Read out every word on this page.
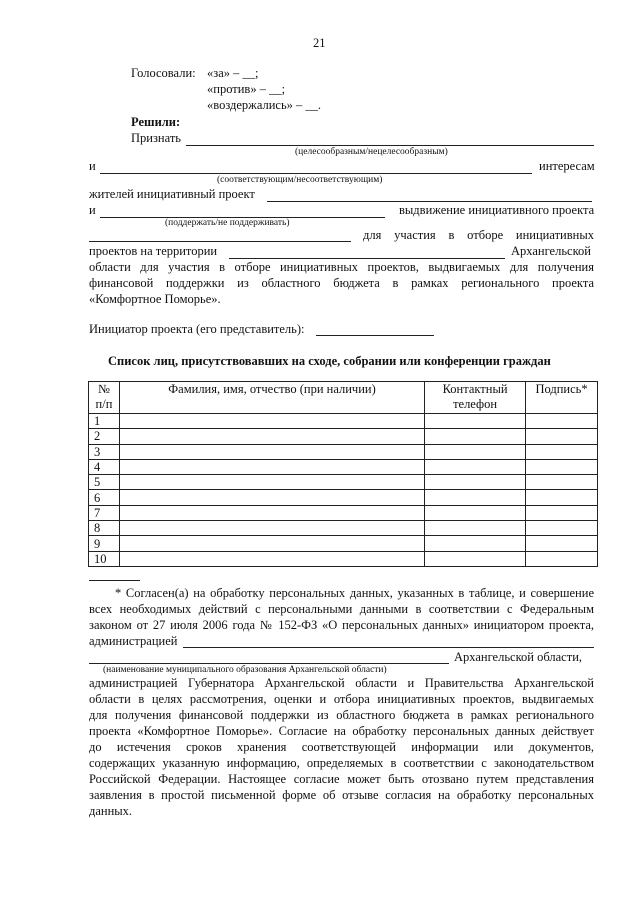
21
Голосовали: «за» – __;
«против» – __;
«воздержались» – __.
Решили:
Признать
(целесообразным/нецелесообразным)
и	интересам
(соответствующим/несоответствующим)
жителей инициативный проект
и	выдвижение инициативного проекта
(поддержать/не поддерживать)
для участия в отборе инициативных
проектов на территории	Архангельской
области для участия в отборе инициативных проектов, выдвигаемых для получения
финансовой поддержки из областного бюджета в рамках регионального проекта
«Комфортное Поморье».
Инициатор проекта (его представитель):
Список лиц, присутствовавших на сходе, собрании или конференции граждан
№ п/п	Фамилия, имя, отчество (при наличии)	Контактный телефон	Подпись*
1			
2			
3			
4			
5			
6			
7			
8			
9			
10			
* Согласен(а) на обработку персональных данных, указанных в таблице, и совершение
всех необходимых действий с персональными данными в соответствии с Федеральным
законом от 27 июля 2006 года № 152-ФЗ «О персональных данных» инициатором проекта,
администрацией
Архангельской области,
(наименование муниципального образования Архангельской области)
администрацией Губернатора Архангельской области и Правительства Архангельской
области в целях рассмотрения, оценки и отбора инициативных проектов, выдвигаемых
для получения финансовой поддержки из областного бюджета в рамках регионального
проекта «Комфортное Поморье». Согласие на обработку персональных данных действует
до истечения сроков хранения соответствующей информации или документов,
содержащих указанную информацию, определяемых в соответствии с законодательством
Российской Федерации. Настоящее согласие может быть отозвано путем представления
заявления в простой письменной форме об отзыве согласия на обработку персональных
данных.
